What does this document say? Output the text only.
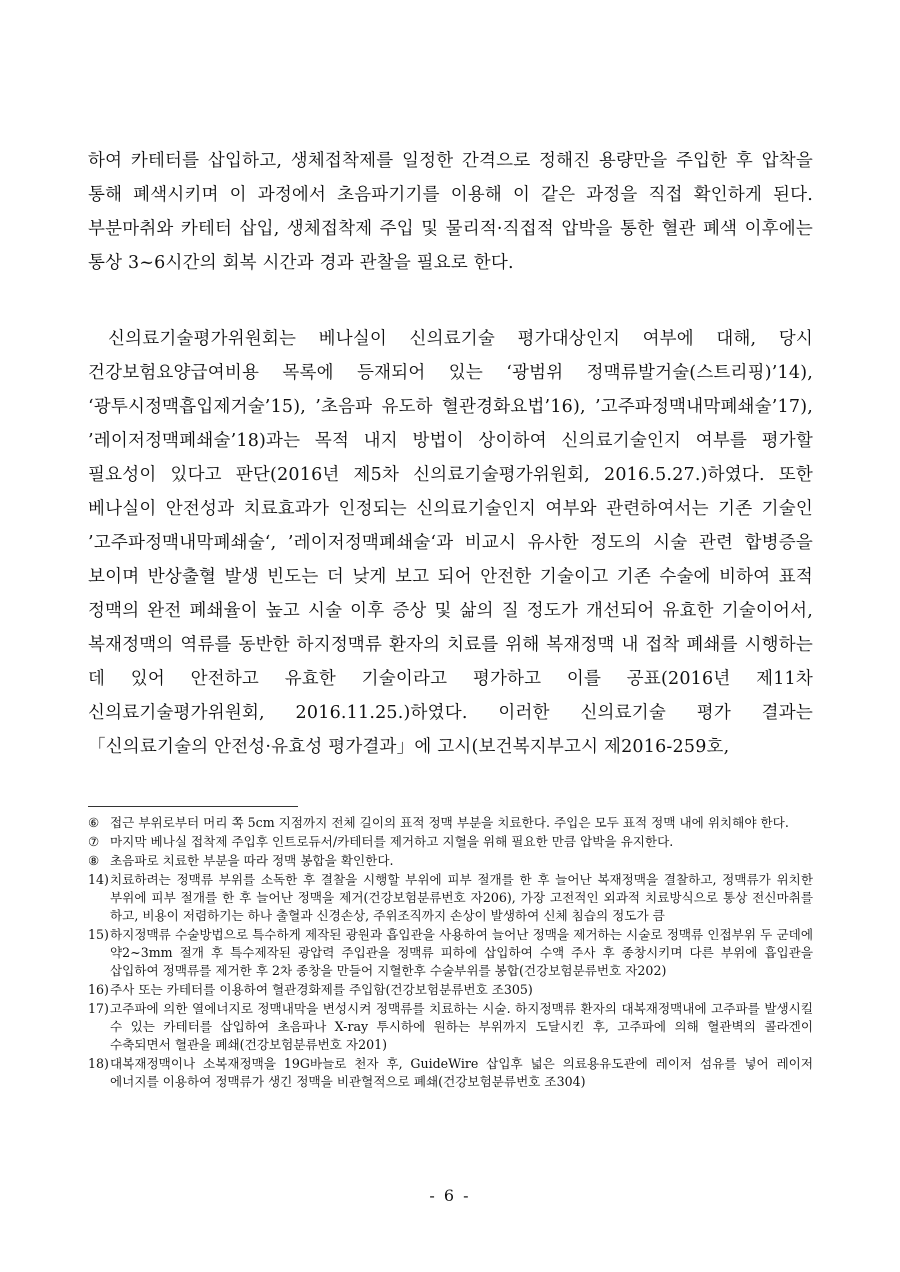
하여 카테터를 삽입하고, 생체접착제를 일정한 간격으로 정해진 용량만을 주입한 후 압착을 통해 폐색시키며 이 과정에서 초음파기기를 이용해 이 같은 과정을 직접 확인하게 된다. 부분마취와 카테터 삽입, 생체접착제 주입 및 물리적·직접적 압박을 통한 혈관 폐색 이후에는 통상 3~6시간의 회복 시간과 경과 관찰을 필요로 한다.

신의료기술평가위원회는 베나실이 신의료기술 평가대상인지 여부에 대해, 당시 건강보험요양급여비용 목록에 등재되어 있는 ‘광범위 정맥류발거술(스트리핑)’14), ‘광투시정맥흡입제거술’15), ’초음파 유도하 혈관경화요법’16), ’고주파정맥내막폐쇄술’17), ’레이저정맥폐쇄술’18)과는 목적 내지 방법이 상이하여 신의료기술인지 여부를 평가할 필요성이 있다고 판단(2016년 제5차 신의료기술평가위원회, 2016.5.27.)하였다. 또한 베나실이 안전성과 치료효과가 인정되는 신의료기술인지 여부와 관련하여서는 기존 기술인 ’고주파정맥내막폐쇄술‘, ’레이저정맥폐쇄술‘과 비교시 유사한 정도의 시술 관련 합병증을 보이며 반상출혈 발생 빈도는 더 낮게 보고 되어 안전한 기술이고 기존 수술에 비하여 표적 정맥의 완전 폐쇄율이 높고 시술 이후 증상 및 삶의 질 정도가 개선되어 유효한 기술이어서, 복재정맥의 역류를 동반한 하지정맥류 환자의 치료를 위해 복재정맥 내 접착 폐쇄를 시행하는 데 있어 안전하고 유효한 기술이라고 평가하고 이를 공표(2016년 제11차 신의료기술평가위원회, 2016.11.25.)하였다. 이러한 신의료기술 평가 결과는 「신의료기술의 안전성·유효성 평가결과」에 고시(보건복지부고시 제2016-259호,

⑥ 접근 부위로부터 머리 쪽 5cm 지점까지 전체 길이의 표적 정맥 부분을 치료한다. 주입은 모두 표적 정맥 내에 위치해야 한다.
⑦ 마지막 베나실 접착제 주입후 인트로듀서/카테터를 제거하고 지혈을 위해 필요한 만큼 압박을 유지한다.
⑧ 초음파로 치료한 부분을 따라 정맥 봉합을 확인한다.
14) 치료하려는 정맥류 부위를 소독한 후 결찰을 시행할 부위에 피부 절개를 한 후 늘어난 복재정맥을 결찰하고, 정맥류가 위치한 부위에 피부 절개를 한 후 늘어난 정맥을 제거(건강보험분류번호 자206), 가장 고전적인 외과적 치료방식으로 통상 전신마취를 하고, 비용이 저렴하기는 하나 출혈과 신경손상, 주위조직까지 손상이 발생하여 신체 침습의 정도가 큼
15) 하지정맥류 수술방법으로 특수하게 제작된 광원과 흡입관을 사용하여 늘어난 정맥을 제거하는 시술로 정맥류 인접부위 두 군데에 약2~3mm 절개 후 특수제작된 광압력 주입관을 정맥류 피하에 삽입하여 수액 주사 후 종창시키며 다른 부위에 흡입관을 삽입하여 정맥류를 제거한 후 2차 종창을 만들어 지혈한후 수술부위를 봉합(건강보험분류번호 자202)
16) 주사 또는 카테터를 이용하여 혈관경화제를 주입함(건강보험분류번호 조305)
17) 고주파에 의한 열에너지로 정맥내막을 변성시켜 정맥류를 치료하는 시술. 하지정맥류 환자의 대복재정맥내에 고주파를 발생시킬 수 있는 카테터를 삽입하여 초음파나 X-ray 투시하에 원하는 부위까지 도달시킨 후, 고주파에 의해 혈관벽의 콜라겐이 수축되면서 혈관을 폐쇄(건강보험분류번호 자201)
18) 대복재정맥이나 소복재정맥을 19G바늘로 천자 후, GuideWire 삽입후 넓은 의료용유도관에 레이저 섬유를 넣어 레이저 에너지를 이용하여 정맥류가 생긴 정맥을 비관혈적으로 폐쇄(건강보험분류번호 조304)
- 6 -
